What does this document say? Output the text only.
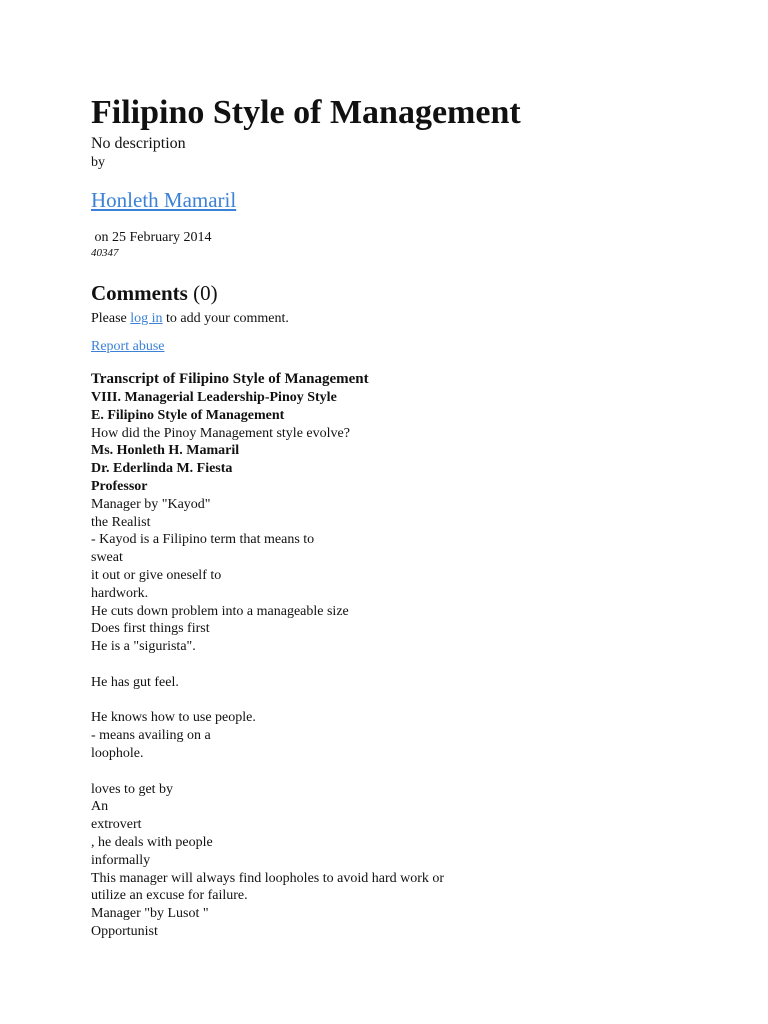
Filipino Style of Management

No description

by

Honleth Mamaril
on 25 February 2014

40347

Comments (0)
Please log in to add your comment.
Report abuse
Transcript of Filipino Style of Management
VIII. Managerial Leadership-Pinoy Style
E. Filipino Style of Management
How did the Pinoy Management style evolve?
Ms. Honleth H. Mamaril
Dr. Ederlinda M. Fiesta
Professor
Manager by "Kayod"
the Realist
- Kayod is a Filipino term that means to
sweat
it out or give oneself to
hardwork.
He cuts down problem into a manageable size
Does first things first
He is a "sigurista".
He has gut feel.
He knows how to use people.
- means availing on a
loophole.
loves to get by
An
extrovert
, he deals with people
informally
This manager will always find loopholes to avoid hard work or
utilize an excuse for failure.
Manager "by Lusot "
Opportunist
